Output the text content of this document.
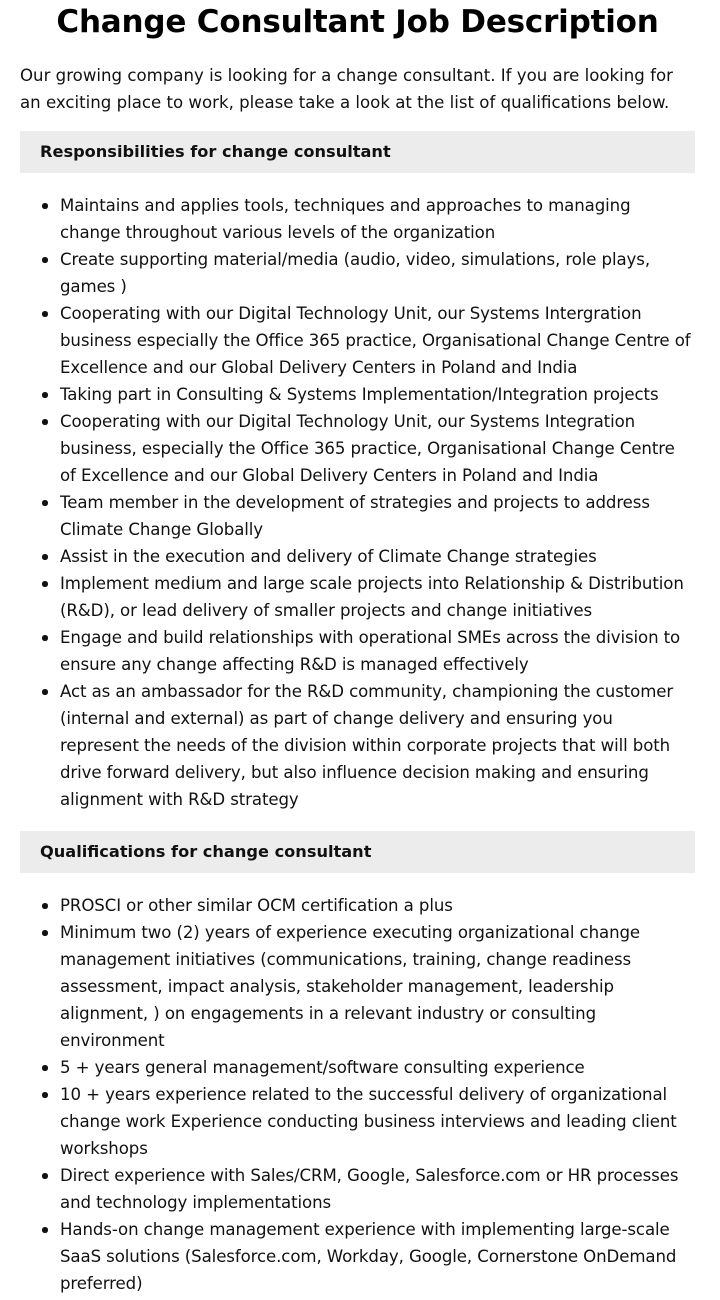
Change Consultant Job Description

Our growing company is looking for a change consultant. If you are looking for an exciting place to work, please take a look at the list of qualifications below.

Responsibilities for change consultant
Maintains and applies tools, techniques and approaches to managing change throughout various levels of the organization
Create supporting material/media (audio, video, simulations, role plays, games )
Cooperating with our Digital Technology Unit, our Systems Intergration business especially the Office 365 practice, Organisational Change Centre of Excellence and our Global Delivery Centers in Poland and India
Taking part in Consulting & Systems Implementation/Integration projects
Cooperating with our Digital Technology Unit, our Systems Integration business, especially the Office 365 practice, Organisational Change Centre of Excellence and our Global Delivery Centers in Poland and India
Team member in the development of strategies and projects to address Climate Change Globally
Assist in the execution and delivery of Climate Change strategies
Implement medium and large scale projects into Relationship & Distribution (R&D), or lead delivery of smaller projects and change initiatives
Engage and build relationships with operational SMEs across the division to ensure any change affecting R&D is managed effectively
Act as an ambassador for the R&D community, championing the customer (internal and external) as part of change delivery and ensuring you represent the needs of the division within corporate projects that will both drive forward delivery, but also influence decision making and ensuring alignment with R&D strategy
Qualifications for change consultant
PROSCI or other similar OCM certification a plus
Minimum two (2) years of experience executing organizational change management initiatives (communications, training, change readiness assessment, impact analysis, stakeholder management, leadership alignment, ) on engagements in a relevant industry or consulting environment
5 + years general management/software consulting experience
10 + years experience related to the successful delivery of organizational change work Experience conducting business interviews and leading client workshops
Direct experience with Sales/CRM, Google, Salesforce.com or HR processes and technology implementations
Hands-on change management experience with implementing large-scale SaaS solutions (Salesforce.com, Workday, Google, Cornerstone OnDemand preferred)
